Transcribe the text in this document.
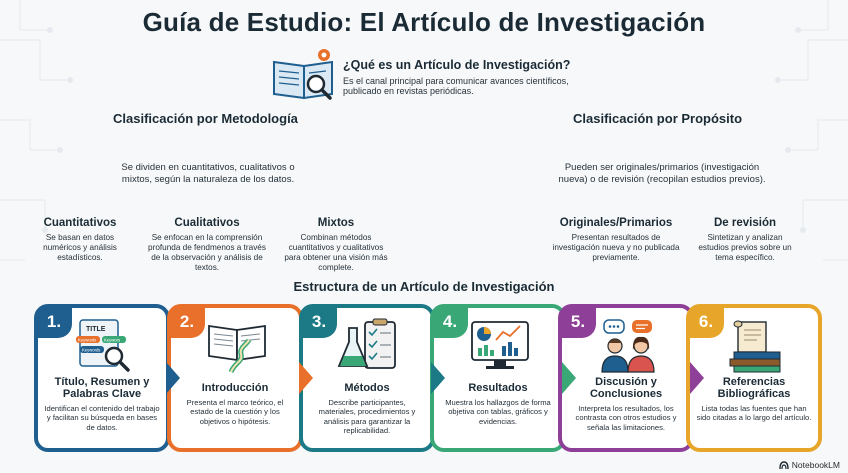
Guía de Estudio: El Artículo de Investigación
¿Qué es un Artículo de Investigación?
Es el canal principal para comunicar avances científicos, publicado en revistas periódicas.
Clasificación por Metodología
Se dividen en cuantitativos, cualitativos o mixtos, según la naturaleza de los datos.
Cuantitativos
Se basan en datos numéricos y análisis estadísticos.
Cualitativos
Se enfocan en la comprensión profunda de fendmenos a través de la observación y análisis de textos.
Mixtos
Combinan métodos cuantitativos y cualitativos para obtener una visión más complete.
Clasificación por Propósito
Pueden ser originales/primarios (investigación nueva) o de revisión (recopilan estudios previos).
Originales/Primarios
Presentan resultados de investigación nueva y no publicada previamente.
De revisión
Sintetizan y analizan estudios previos sobre un tema específico.
Estructura de un Artículo de Investigación
1.	TITLE
Keywords Keywors
Keywords
Título, Resumen y Palabras Clave
Identifican el contenido del trabajo y facilitan su búsqueda en bases de datos.
2.
Introducción
Presenta el marco teórico, el estado de la cuestión y los objetivos o hipótesis.
3.
Métodos
Describe participantes, materiales, procedimientos y análisis para garantizar la replicabilidad.
4.
Resultados
Muestra los hallazgos de forma objetiva con tablas, gráficos y evidencias.
5.
Discusión y Conclusiones
Interpreta los resultados, los contrasta con otros estudios y señala las limitaciones.
6.
Referencias Bibliográficas
Lista todas las fuentes que han sido citadas a lo largo del artículo.
NotebookLM
